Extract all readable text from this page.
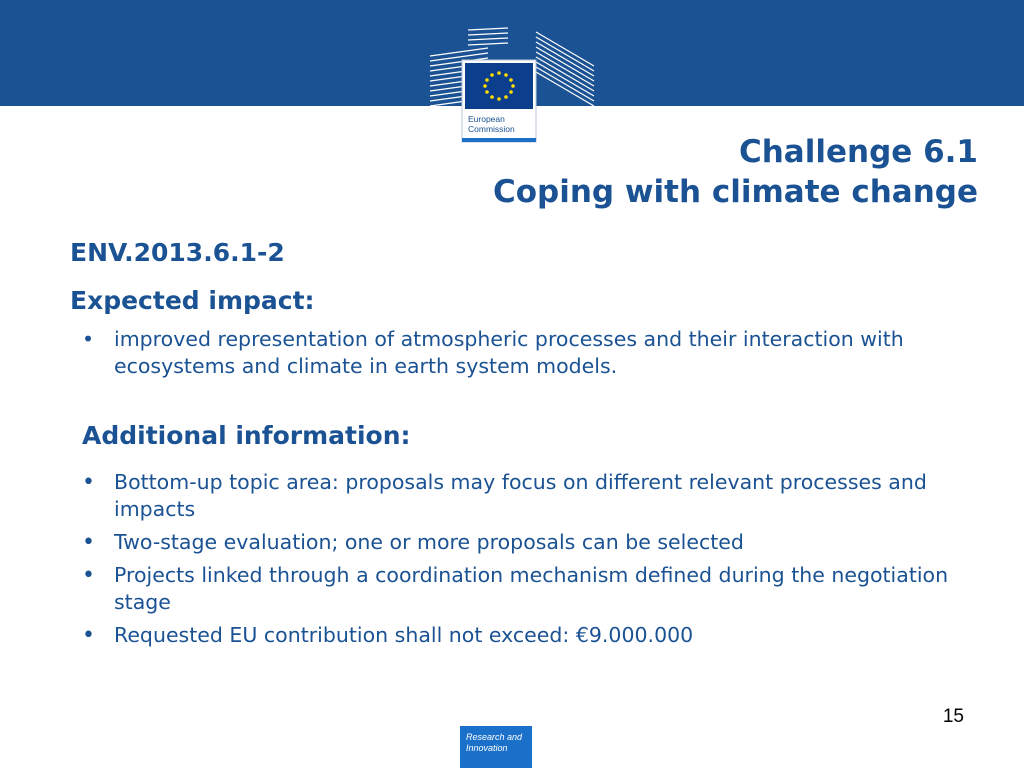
European
Commission
Challenge 6.1
Coping with climate change
ENV.2013.6.1-2
Expected impact:
• improved representation of atmospheric processes and their interaction with ecosystems and climate in earth system models.
Additional information:
• Bottom-up topic area: proposals may focus on different relevant processes and impacts
• Two-stage evaluation; one or more proposals can be selected
• Projects linked through a coordination mechanism defined during the negotiation stage
• Requested EU contribution shall not exceed: €9.000.000
15
Research and
Innovation
